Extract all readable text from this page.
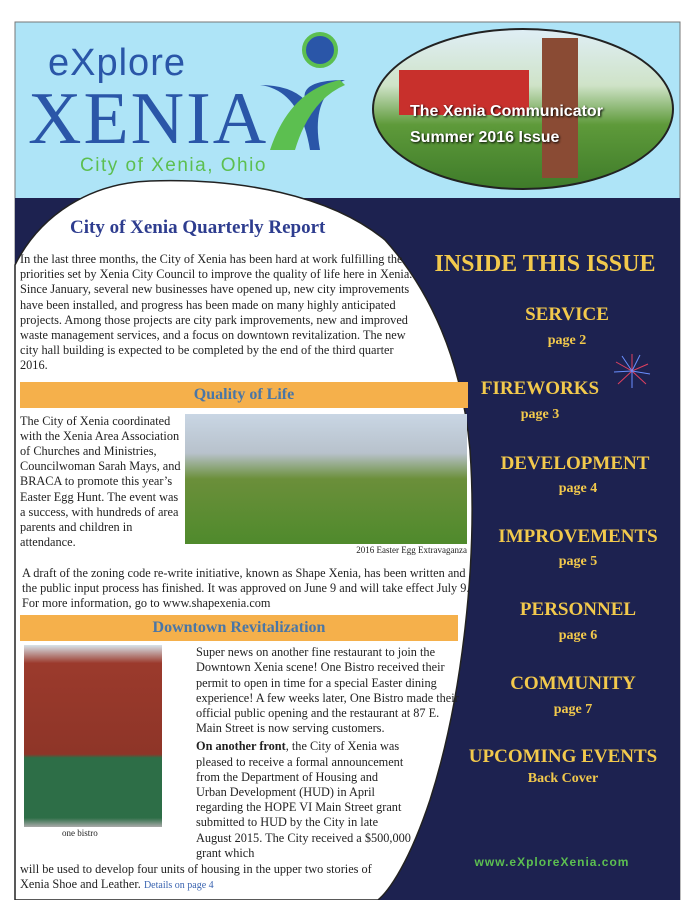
eXplore
XENIA
City of Xenia, Ohio
The Xenia Communicator
Summer 2016 Issue
City of Xenia Quarterly Report

In the last three months, the City of Xenia has been hard at work fulfilling the priorities set by Xenia City Council to improve the quality of life here in Xenia. Since January, several new businesses have opened up, new city improvements have been installed, and progress has been made on many highly anticipated projects. Among those projects are city park improvements, new and improved waste management services, and a focus on downtown revitalization. The new city hall building is expected to be completed by the end of the third quarter 2016.

Quality of Life

The City of Xenia coordinated with the Xenia Area Association of Churches and Ministries, Councilwoman Sarah Mays, and BRACA to promote this year’s Easter Egg Hunt. The event was a success, with hundreds of area parents and children in attendance.

2016 Easter Egg Extravaganza

A draft of the zoning code re-write initiative, known as Shape Xenia, has been written and the public input process has finished. It was approved on June 9 and will take effect July 9. For more information, go to www.shapexenia.com

Downtown Revitalization
one bistro

Super news on another fine restaurant to join the Downtown Xenia scene! One Bistro received their permit to open in time for a special Easter dining experience! A few weeks later, One Bistro made their official public opening and the restaurant at 87 E. Main Street is now serving customers.

On another front, the City of Xenia was pleased to receive a formal announcement from the Department of Housing and Urban Development (HUD) in April regarding the HOPE VI Main Street grant submitted to HUD by the City in late August 2015. The City received a $500,000 grant which

will be used to develop four units of housing in the upper two stories of Xenia Shoe and Leather. Details on page 4

INSIDE THIS ISSUE
SERVICE
page 2
FIREWORKS
page 3
DEVELOPMENT
page 4
IMPROVEMENTS
page 5
PERSONNEL
page 6
COMMUNITY
page 7
UPCOMING EVENTS
Back Cover
www.eXploreXenia.com
